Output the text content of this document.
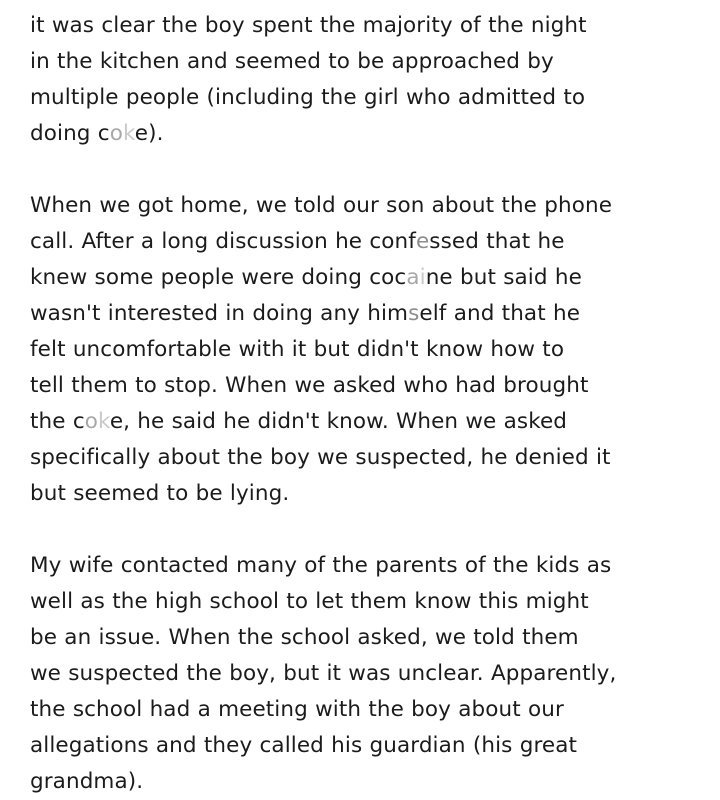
it was clear the boy spent the majority of the night
in the kitchen and seemed to be approached by
multiple people (including the girl who admitted to
doing coke).

When we got home, we told our son about the phone
call. After a long discussion he confessed that he
knew some people were doing cocaine but said he
wasn't interested in doing any himself and that he
felt uncomfortable with it but didn't know how to
tell them to stop. When we asked who had brought
the coke, he said he didn't know. When we asked
specifically about the boy we suspected, he denied it
but seemed to be lying.

My wife contacted many of the parents of the kids as
well as the high school to let them know this might
be an issue. When the school asked, we told them
we suspected the boy, but it was unclear. Apparently,
the school had a meeting with the boy about our
allegations and they called his guardian (his great
grandma).
